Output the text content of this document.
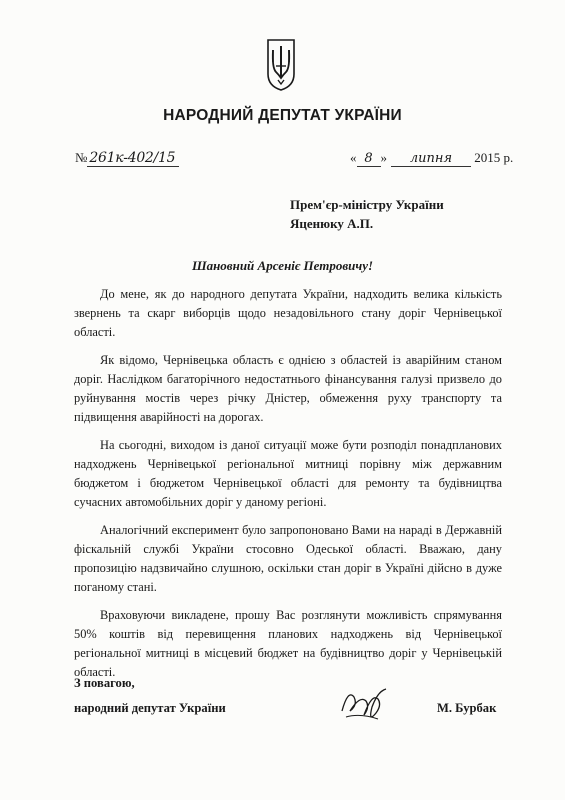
НАРОДНИЙ ДЕПУТАТ УКРАЇНИ
№ 261к-402/15	« 8 » липня 2015 р.
Прем'єр-міністру України
Яценюку А.П.
Шановний Арсеніє Петровичу!

До мене, як до народного депутата України, надходить велика кількість звернень та скарг виборців щодо незадовільного стану доріг Чернівецької області.

Як відомо, Чернівецька область є однією з областей із аварійним станом доріг. Наслідком багаторічного недостатнього фінансування галузі призвело до руйнування мостів через річку Дністер, обмеження руху транспорту та підвищення аварійності на дорогах.

На сьогодні, виходом із даної ситуації може бути розподіл понадпланових надходжень Чернівецької регіональної митниці порівну між державним бюджетом і бюджетом Чернівецької області для ремонту та будівництва сучасних автомобільних доріг у даному регіоні.

Аналогічний експеримент було запропоновано Вами на нараді в Державній фіскальній службі України стосовно Одеської області. Вважаю, дану пропозицію надзвичайно слушною, оскільки стан доріг в Україні дійсно в дуже поганому стані.

Враховуючи викладене, прошу Вас розглянути можливість спрямування 50% коштів від перевищення планових надходжень від Чернівецької регіональної митниці в місцевий бюджет на будівництво доріг у Чернівецькій області.

З повагою,
народний депутат України	М. Бурбак
